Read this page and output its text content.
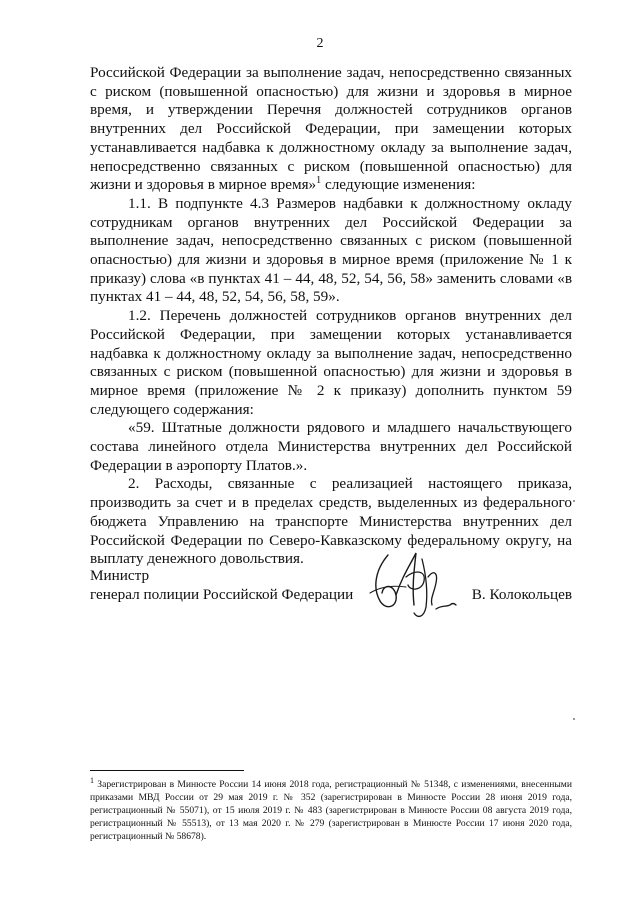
2

Российской Федерации за выполнение задач, непосредственно связанных с риском (повышенной опасностью) для жизни и здоровья в мирное время, и утверждении Перечня должностей сотрудников органов внутренних дел Российской Федерации, при замещении которых устанавливается надбавка к должностному окладу за выполнение задач, непосредственно связанных с риском (повышенной опасностью) для жизни и здоровья в мирное время»$^1$ следующие изменения:

1.1. В подпункте 4.3 Размеров надбавки к должностному окладу сотрудникам органов внутренних дел Российской Федерации за выполнение задач, непосредственно связанных с риском (повышенной опасностью) для жизни и здоровья в мирное время (приложение № 1 к приказу) слова «в пунктах 41 – 44, 48, 52, 54, 56, 58» заменить словами «в пунктах 41 – 44, 48, 52, 54, 56, 58, 59».

1.2. Перечень должностей сотрудников органов внутренних дел Российской Федерации, при замещении которых устанавливается надбавка к должностному окладу за выполнение задач, непосредственно связанных с риском (повышенной опасностью) для жизни и здоровья в мирное время (приложение № 2 к приказу) дополнить пунктом 59 следующего содержания:

«59. Штатные должности рядового и младшего начальствующего состава линейного отдела Министерства внутренних дел Российской Федерации в аэропорту Платов.».

2. Расходы, связанные с реализацией настоящего приказа, производить за счет и в пределах средств, выделенных из федерального бюджета Управлению на транспорте Министерства внутренних дел Российской Федерации по Северо-Кавказскому федеральному округу, на выплату денежного довольствия.

Министр
генерал полиции Российской Федерации	В. Колокольцев
$^1$ Зарегистрирован в Минюсте России 14 июня 2018 года, регистрационный № 51348, с изменениями, внесенными приказами МВД России от 29 мая 2019 г. № 352 (зарегистрирован в Минюсте России 28 июня 2019 года, регистрационный № 55071), от 15 июля 2019 г. № 483 (зарегистрирован в Минюсте России 08 августа 2019 года, регистрационный № 55513), от 13 мая 2020 г. № 279 (зарегистрирован в Минюсте России 17 июня 2020 года, регистрационный № 58678).
